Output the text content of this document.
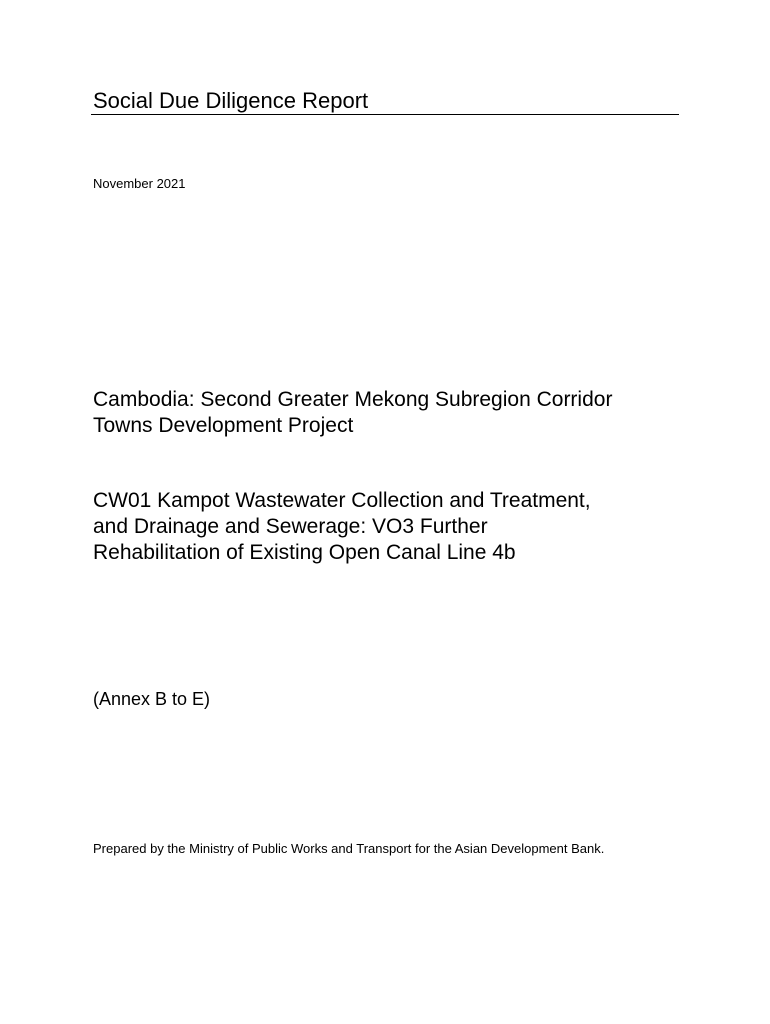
Social Due Diligence Report
November 2021
Cambodia: Second Greater Mekong Subregion Corridor
Towns Development Project
CW01 Kampot Wastewater Collection and Treatment,
and Drainage and Sewerage: VO3 Further
Rehabilitation of Existing Open Canal Line 4b
(Annex B to E)
Prepared by the Ministry of Public Works and Transport for the Asian Development Bank.
